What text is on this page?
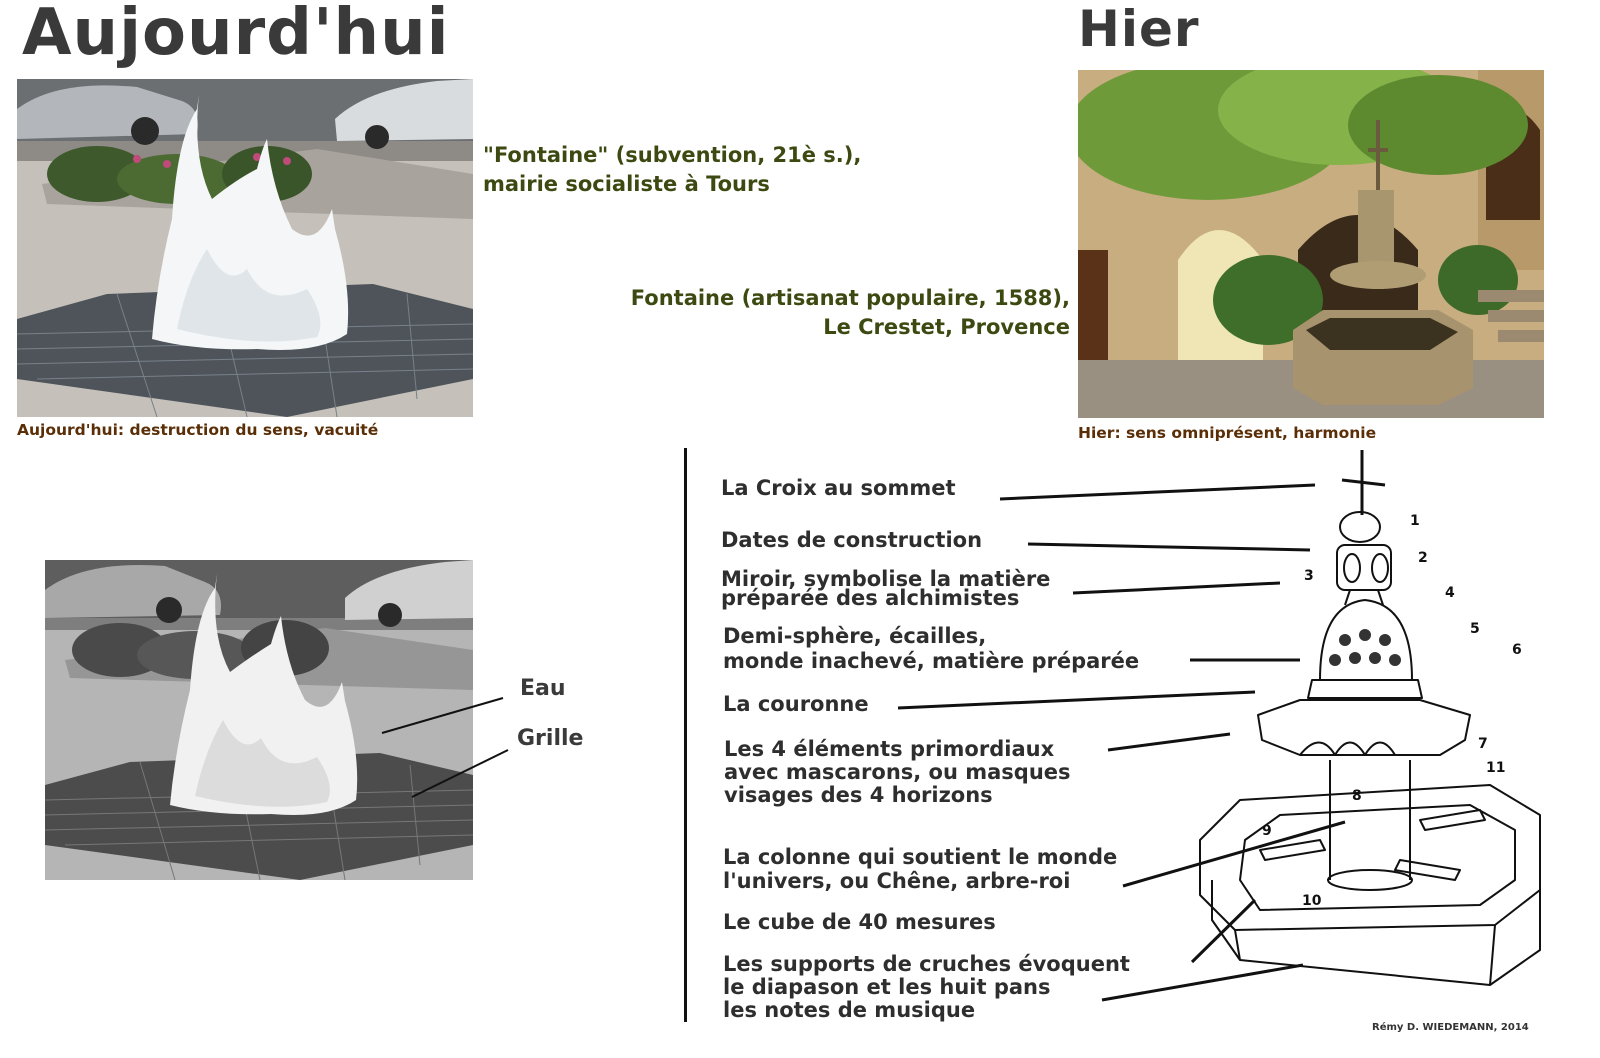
Aujourd'hui	Hier
"Fontaine" (subvention, 21è s.),
mairie socialiste à Tours
Fontaine (artisanat populaire, 1588),
Le Crestet, Provence
Aujourd'hui: destruction du sens, vacuité	Hier: sens omniprésent, harmonie
Eau
Grille
1
2
3
4
5
6
7
8
9
10
11
La Croix au sommet
Dates de construction
Miroir, symbolise la matière
préparée des alchimistes
Demi-sphère, écailles,
monde inachevé, matière préparée
La couronne
Les 4 éléments primordiaux
avec mascarons, ou masques
visages des 4 horizons
La colonne qui soutient le monde
l'univers, ou Chêne, arbre-roi
Le cube de 40 mesures
Les supports de cruches évoquent
le diapason et les huit pans
les notes de musique
Rémy D. WIEDEMANN, 2014
